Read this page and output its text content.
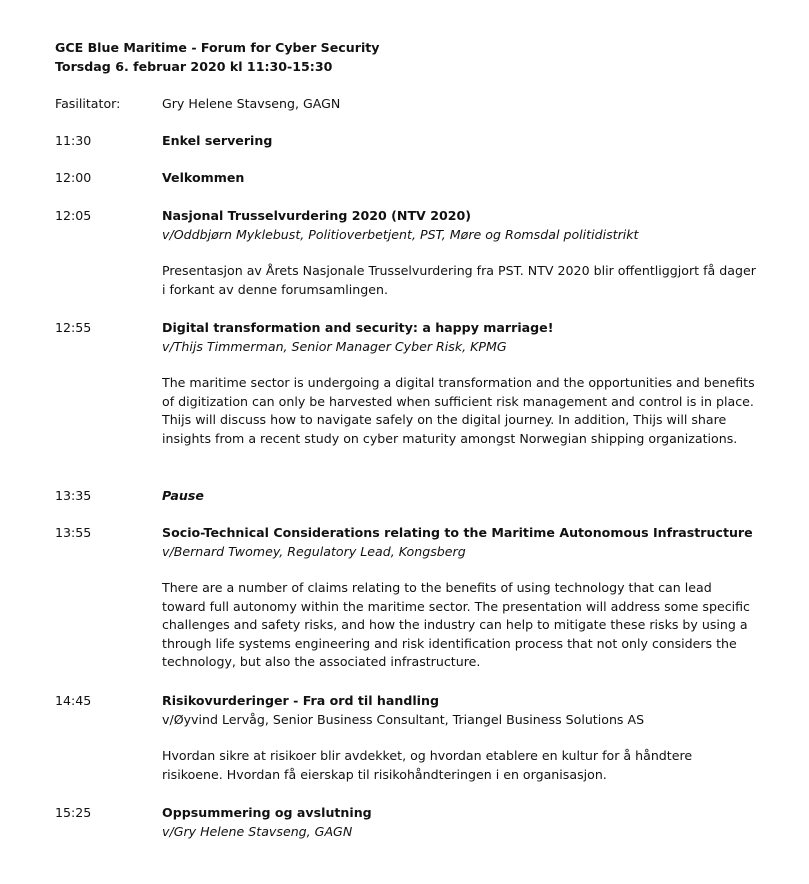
GCE Blue Maritime - Forum for Cyber Security
Torsdag 6. februar 2020 kl 11:30-15:30
Fasilitator:	Gry Helene Stavseng, GAGN
11:30	Enkel servering
12:00	Velkommen
12:05	Nasjonal Trusselvurdering 2020 (NTV 2020)
v/Oddbjørn Myklebust, Politioverbetjent, PST, Møre og Romsdal politidistrikt
Presentasjon av Årets Nasjonale Trusselvurdering fra PST. NTV 2020 blir offentliggjort få dager
i forkant av denne forumsamlingen.
12:55	Digital transformation and security: a happy marriage!
v/Thijs Timmerman, Senior Manager Cyber Risk, KPMG
The maritime sector is undergoing a digital transformation and the opportunities and benefits
of digitization can only be harvested when sufficient risk management and control is in place.
Thijs will discuss how to navigate safely on the digital journey. In addition, Thijs will share
insights from a recent study on cyber maturity amongst Norwegian shipping organizations.
13:35	Pause
13:55	Socio-Technical Considerations relating to the Maritime Autonomous Infrastructure
v/Bernard Twomey, Regulatory Lead, Kongsberg
There are a number of claims relating to the benefits of using technology that can lead
toward full autonomy within the maritime sector. The presentation will address some specific
challenges and safety risks, and how the industry can help to mitigate these risks by using a
through life systems engineering and risk identification process that not only considers the
technology, but also the associated infrastructure.
14:45	Risikovurderinger - Fra ord til handling
v/Øyvind Lervåg, Senior Business Consultant, Triangel Business Solutions AS
Hvordan sikre at risikoer blir avdekket, og hvordan etablere en kultur for å håndtere
risikoene. Hvordan få eierskap til risikohåndteringen i en organisasjon.
15:25	Oppsummering og avslutning
v/Gry Helene Stavseng, GAGN
